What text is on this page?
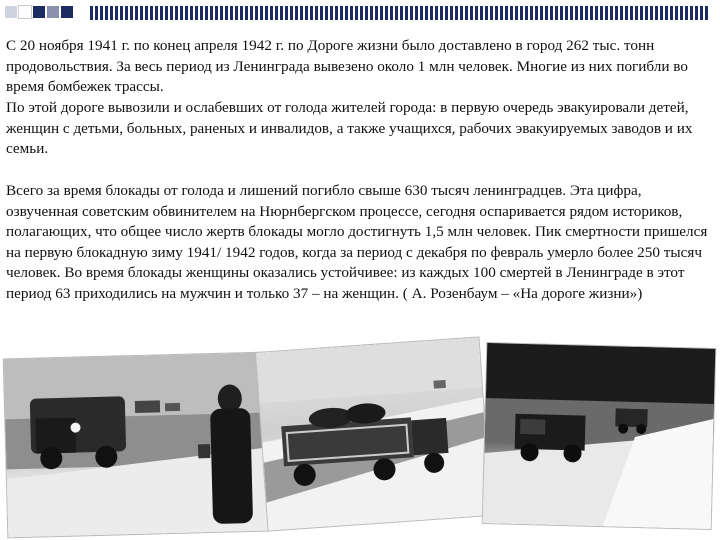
С 20 ноября 1941 г. по конец апреля 1942 г. по Дороге жизни было доставлено в город 262 тыс. тонн продовольствия. За весь период из Ленинграда вывезено около 1 млн человек. Многие из них погибли во время бомбежек трассы.

По этой дороге вывозили и ослабевших от голода жителей города: в первую очередь эвакуировали детей, женщин с детьми, больных, раненых и инвалидов, а также учащихся, рабочих эвакуируемых заводов и их семьи.

Всего за время блокады от голода и лишений погибло свыше 630 тысяч ленинградцев. Эта цифра, озвученная советским обвинителем на Нюрнбергском процессе, сегодня оспаривается рядом историков, полагающих, что общее число жертв блокады могло достигнуть 1,5 млн человек. Пик смертности пришелся на первую блокадную зиму 1941/ 1942 годов, когда за период с декабря по февраль умерло более 250 тысяч человек. Во время блокады женщины оказались устойчивее: из каждых 100 смертей в Ленинграде в этот период 63 приходились на мужчин и только 37 – на женщин. ( А. Розенбаум – «На дороге жизни»)
